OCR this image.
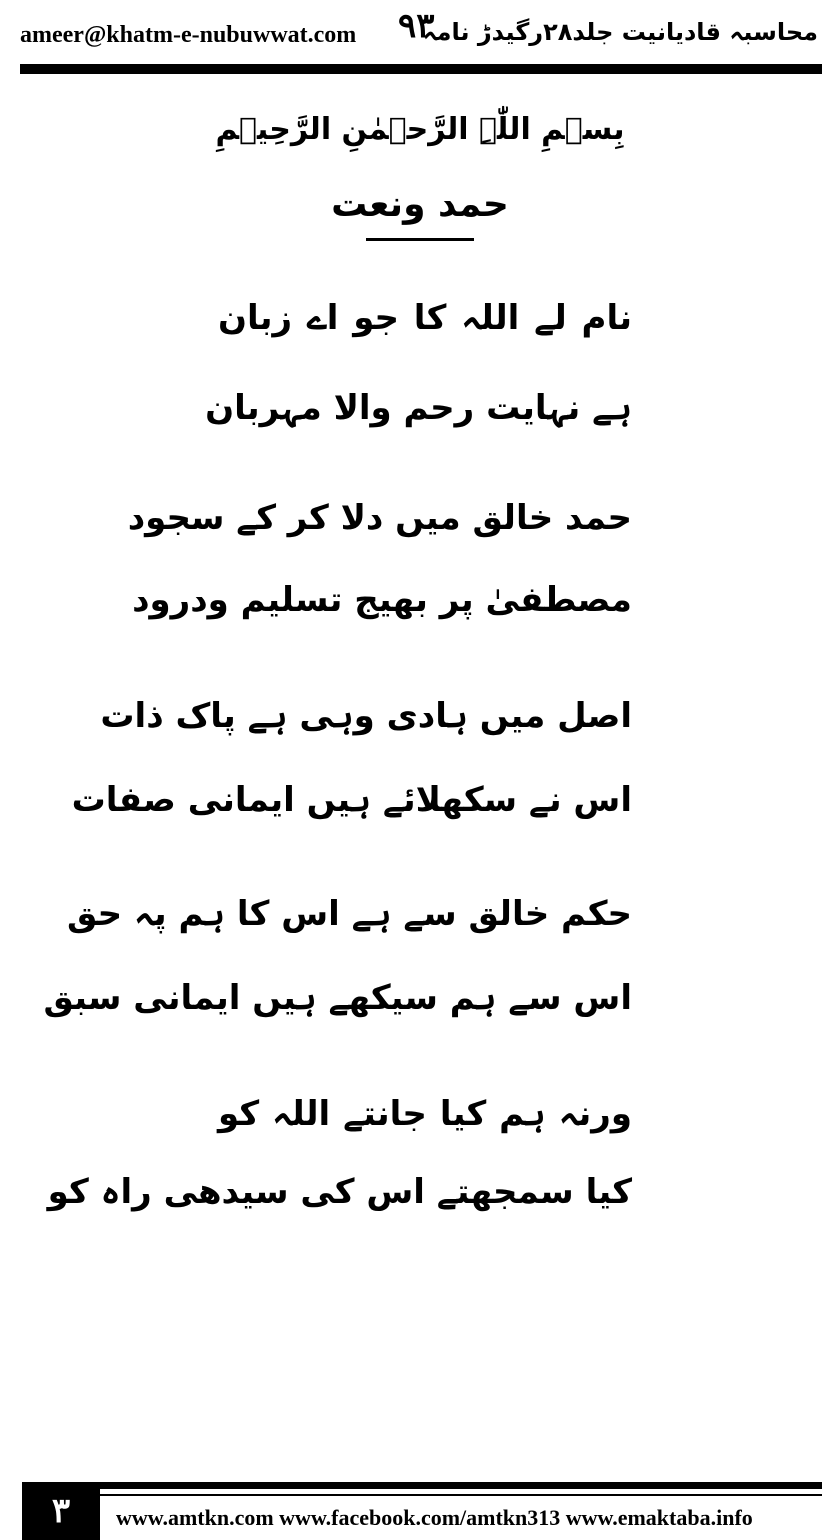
ameer@khatm-e-nubuwwat.com ۹۳
محاسبہ قادیانیت جلد۲۸رگیدڑ نامہ
بِسۡمِ اللّٰہِ الرَّحۡمٰنِ الرَّحِیۡمِ
حمد ونعت
نام لے اللہ کا جو اے زبان
ہے نہایت رحم والا مہربان
حمد خالق میں دلا کر کے سجود
مصطفیٰ پر بھیج تسلیم ودرود
اصل میں ہادی وہی ہے پاک ذات
اس نے سکھلائے ہیں ایمانی صفات
حکم خالق سے ہے اس کا ہم پہ حق
اس سے ہم سیکھے ہیں ایمانی سبق
ورنہ ہم کیا جانتے اللہ کو
کیا سمجھتے اس کی سیدھی راہ کو
۳	www.amtkn.com www.facebook.com/amtkn313 www.emaktaba.info
